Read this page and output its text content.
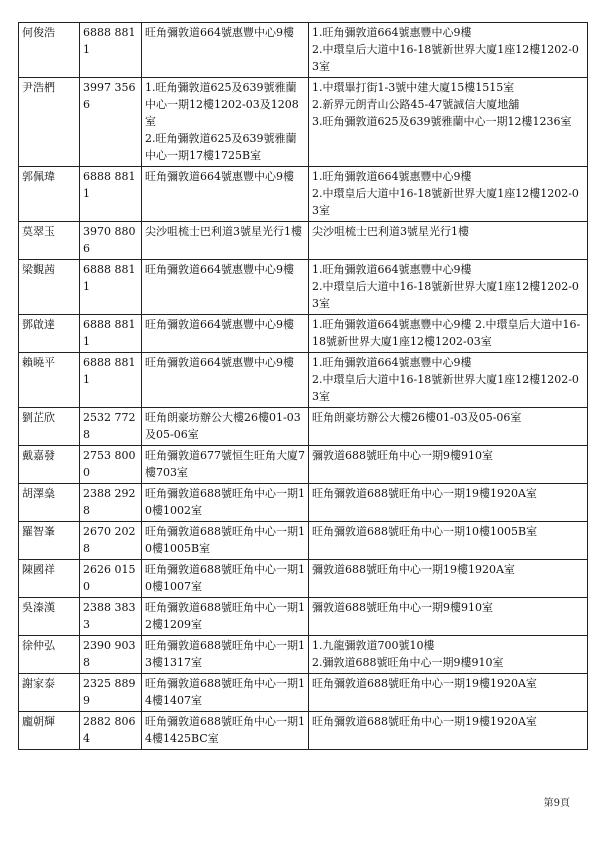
何俊浩	6888 8811	旺角彌敦道664號惠豐中心9樓	1.旺角彌敦道664號惠豐中心9樓
2.中環皇后大道中16-18號新世界大廈1座12樓1202-03室

尹浩椚	3997 3566	1.旺角彌敦道625及639號雅蘭中心一期12樓1202-03及1208室
2.旺角彌敦道625及639號雅蘭中心一期17樓1725B室	1.中環畢打街1-3號中建大廈15樓1515室
2.新界元朗青山公路45-47號誠信大廈地舖
3.旺角彌敦道625及639號雅蘭中心一期12樓1236室

郭佩瑋	6888 8811	旺角彌敦道664號惠豐中心9樓	1.旺角彌敦道664號惠豐中心9樓
2.中環皇后大道中16-18號新世界大廈1座12樓1202-03室

莫翠玉	3970 8806	尖沙咀梳士巴利道3號星光行1樓	尖沙咀梳士巴利道3號星光行1樓

梁覲茜	6888 8811	旺角彌敦道664號惠豐中心9樓	1.旺角彌敦道664號惠豐中心9樓
2.中環皇后大道中16-18號新世界大廈1座12樓1202-03室

鄧啟達	6888 8811	旺角彌敦道664號惠豐中心9樓	1.旺角彌敦道664號惠豐中心9樓 2.中環皇后大道中16-18號新世界大廈1座12樓1202-03室

賴曉平	6888 8811	旺角彌敦道664號惠豐中心9樓	1.旺角彌敦道664號惠豐中心9樓
2.中環皇后大道中16-18號新世界大廈1座12樓1202-03室

劉芷欣	2532 7728	旺角朗豪坊辦公大樓26樓01-03及05-06室	旺角朗豪坊辦公大樓26樓01-03及05-06室

戴嘉發	2753 8000	旺角彌敦道677號恒生旺角大廈7樓703室	彌敦道688號旺角中心一期9樓910室

胡澤燊	2388 2928	旺角彌敦道688號旺角中心一期10樓1002室	旺角彌敦道688號旺角中心一期19樓1920A室

羅智峯	2670 2028	旺角彌敦道688號旺角中心一期10樓1005B室	旺角彌敦道688號旺角中心一期10樓1005B室

陳國祥	2626 0150	旺角彌敦道688號旺角中心一期10樓1007室	彌敦道688號旺角中心一期19樓1920A室

吳溱漢	2388 3833	旺角彌敦道688號旺角中心一期12樓1209室	彌敦道688號旺角中心一期9樓910室

徐仲弘	2390 9038	旺角彌敦道688號旺角中心一期13樓1317室	1.九龍彌敦道700號10樓
2.彌敦道688號旺角中心一期9樓910室

謝家泰	2325 8899	旺角彌敦道688號旺角中心一期14樓1407室	旺角彌敦道688號旺角中心一期19樓1920A室

龐朝輝	2882 8064	旺角彌敦道688號旺角中心一期14樓1425BC室	旺角彌敦道688號旺角中心一期19樓1920A室
第9頁
